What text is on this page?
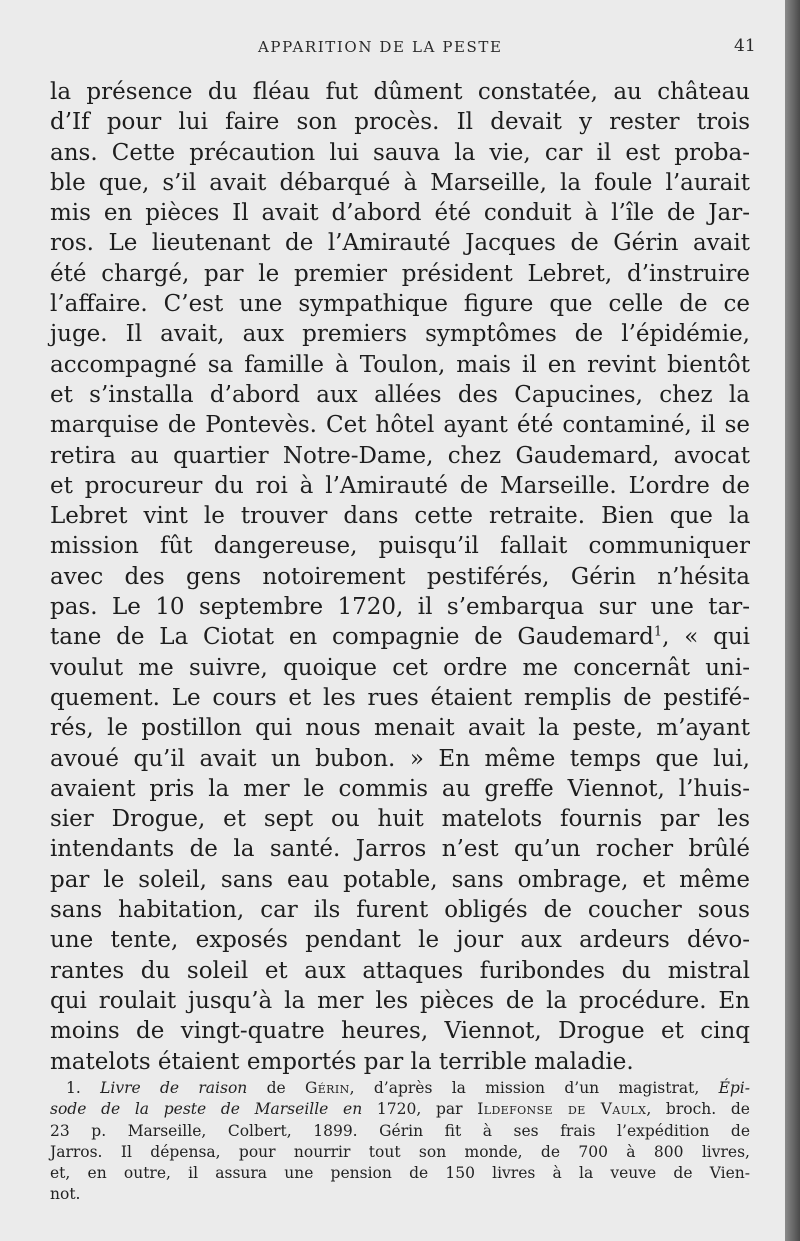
APPARITION DE LA PESTE	41
la présence du fléau fut dûment constatée, au château
d’If pour lui faire son procès. Il devait y rester trois
ans. Cette précaution lui sauva la vie, car il est proba-
ble que, s’il avait débarqué à Marseille, la foule l’aurait
mis en pièces Il avait d’abord été conduit à l’île de Jar-
ros. Le lieutenant de l’Amirauté Jacques de Gérin avait
été chargé, par le premier président Lebret, d’instruire
l’affaire. C’est une sympathique figure que celle de ce
juge. Il avait, aux premiers symptômes de l’épidémie,
accompagné sa famille à Toulon, mais il en revint bientôt
et s’installa d’abord aux allées des Capucines, chez la
marquise de Pontevès. Cet hôtel ayant été contaminé, il se
retira au quartier Notre-Dame, chez Gaudemard, avocat
et procureur du roi à l’Amirauté de Marseille. L’ordre de
Lebret vint le trouver dans cette retraite. Bien que la
mission fût dangereuse, puisqu’il fallait communiquer
avec des gens notoirement pestiférés, Gérin n’hésita
pas. Le 10 septembre 1720, il s’embarqua sur une tar-
tane de La Ciotat en compagnie de Gaudemard$^1$, « qui
voulut me suivre, quoique cet ordre me concernât uni-
quement. Le cours et les rues étaient remplis de pestifé-
rés, le postillon qui nous menait avait la peste, m’ayant
avoué qu’il avait un bubon. » En même temps que lui,
avaient pris la mer le commis au greffe Viennot, l’huis-
sier Drogue, et sept ou huit matelots fournis par les
intendants de la santé. Jarros n’est qu’un rocher brûlé
par le soleil, sans eau potable, sans ombrage, et même
sans habitation, car ils furent obligés de coucher sous
une tente, exposés pendant le jour aux ardeurs dévo-
rantes du soleil et aux attaques furibondes du mistral
qui roulait jusqu’à la mer les pièces de la procédure. En
moins de vingt-quatre heures, Viennot, Drogue et cinq
matelots étaient emportés par la terrible maladie.
1. Livre de raison de Gérin, d’après la mission d’un magistrat, Épi-
sode de la peste de Marseille en 1720, par Ildefonse de Vaulx, broch. de
23 p. Marseille, Colbert, 1899. Gérin fit à ses frais l’expédition de
Jarros. Il dépensa, pour nourrir tout son monde, de 700 à 800 livres,
et, en outre, il assura une pension de 150 livres à la veuve de Vien-
not.
